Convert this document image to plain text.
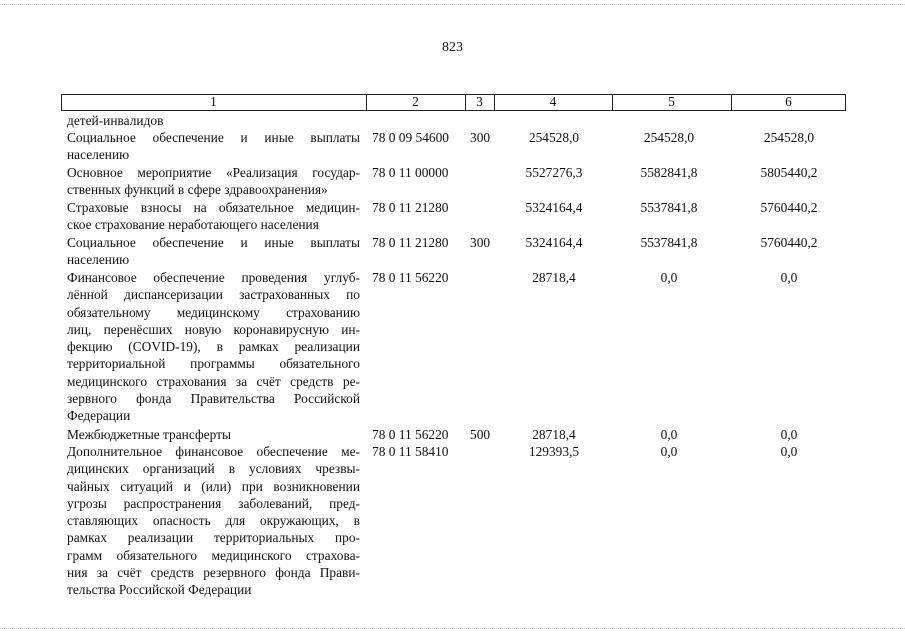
823
1	2	3	4	5	6
детей-инвалидов
Социальное обеспечение и иные выплаты
населению
78 0 09 54600 300	254528,0	254528,0	254528,0
Основное мероприятие «Реализация государ-
ственных функций в сфере здравоохранения»
78 0 11 00000	5527276,3	5582841,8	5805440,2
Страховые взносы на обязательное медицин-
ское страхование неработающего населения
78 0 11 21280	5324164,4	5537841,8	5760440,2
Социальное обеспечение и иные выплаты
населению
78 0 11 21280 300	5324164,4	5537841,8	5760440,2
Финансовое обеспечение проведения углуб-
лённой диспансеризации застрахованных по
обязательному медицинскому страхованию
лиц, перенёсших новую коронавирусную ин-
фекцию (COVID-19), в рамках реализации
территориальной программы обязательного
медицинского страхования за счёт средств ре-
зервного фонда Правительства Российской
Федерации
78 0 11 56220	28718,4	0,0	0,0
Межбюджетные трансферты	78 0 11 56220 500	28718,4	0,0	0,0
Дополнительное финансовое обеспечение ме-
дицинских организаций в условиях чрезвы-
чайных ситуаций и (или) при возникновении
угрозы распространения заболеваний, пред-
ставляющих опасность для окружающих, в
рамках реализации территориальных про-
грамм обязательного медицинского страхова-
ния за счёт средств резервного фонда Прави-
тельства Российской Федерации
78 0 11 58410	129393,5	0,0	0,0
